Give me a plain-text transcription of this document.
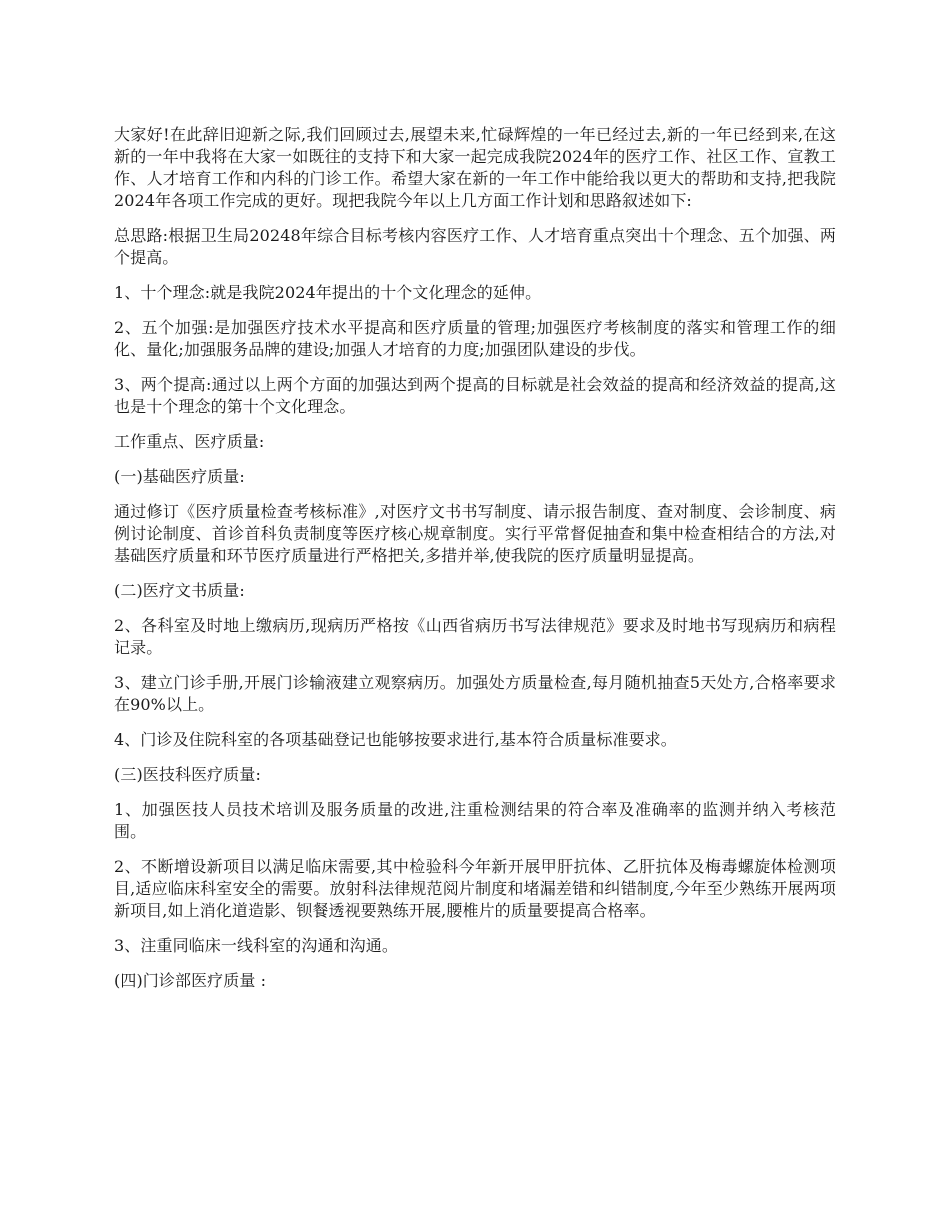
大家好!在此辞旧迎新之际,我们回顾过去,展望未来,忙碌辉煌的一年已经过去,新的一年已经到来,在这新的一年中我将在大家一如既往的支持下和大家一起完成我院2024年的医疗工作、社区工作、宣教工作、人才培育工作和内科的门诊工作。希望大家在新的一年工作中能给我以更大的帮助和支持,把我院2024年各项工作完成的更好。现把我院今年以上几方面工作计划和思路叙述如下:

总思路:根据卫生局20248年综合目标考核内容医疗工作、人才培育重点突出十个理念、五个加强、两个提高。

1、十个理念:就是我院2024年提出的十个文化理念的延伸。

2、五个加强:是加强医疗技术水平提高和医疗质量的管理;加强医疗考核制度的落实和管理工作的细化、量化;加强服务品牌的建设;加强人才培育的力度;加强团队建设的步伐。

3、两个提高:通过以上两个方面的加强达到两个提高的目标就是社会效益的提高和经济效益的提高,这也是十个理念的第十个文化理念。

工作重点、医疗质量:

(一)基础医疗质量:

通过修订《医疗质量检查考核标准》,对医疗文书书写制度、请示报告制度、查对制度、会诊制度、病例讨论制度、首诊首科负责制度等医疗核心规章制度。实行平常督促抽查和集中检查相结合的方法,对基础医疗质量和环节医疗质量进行严格把关,多措并举,使我院的医疗质量明显提高。

(二)医疗文书质量:

2、各科室及时地上缴病历,现病历严格按《山西省病历书写法律规范》要求及时地书写现病历和病程记录。

3、建立门诊手册,开展门诊输液建立观察病历。加强处方质量检查,每月随机抽查5天处方,合格率要求在90%以上。

4、门诊及住院科室的各项基础登记也能够按要求进行,基本符合质量标准要求。

(三)医技科医疗质量:

1、加强医技人员技术培训及服务质量的改进,注重检测结果的符合率及准确率的监测并纳入考核范围。

2、不断增设新项目以满足临床需要,其中检验科今年新开展甲肝抗体、乙肝抗体及梅毒螺旋体检测项目,适应临床科室安全的需要。放射科法律规范阅片制度和堵漏差错和纠错制度,今年至少熟练开展两项新项目,如上消化道造影、钡餐透视要熟练开展,腰椎片的质量要提高合格率。

3、注重同临床一线科室的沟通和沟通。

(四)门诊部医疗质量 :
